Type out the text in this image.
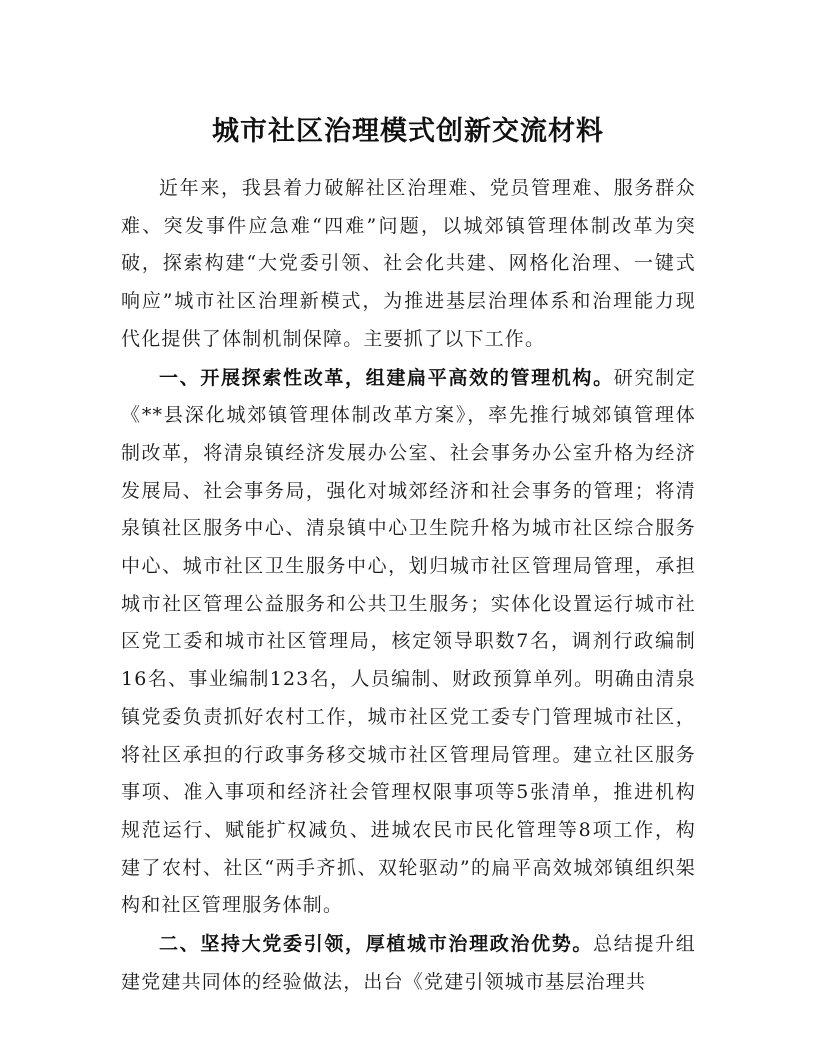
城市社区治理模式创新交流材料

近年来，我县着力破解社区治理难、党员管理难、服务群众难、突发事件应急难“四难”问题，以城郊镇管理体制改革为突破，探索构建“大党委引领、社会化共建、网格化治理、一键式响应”城市社区治理新模式，为推进基层治理体系和治理能力现代化提供了体制机制保障。主要抓了以下工作。

一、开展探索性改革，组建扁平高效的管理机构。研究制定《**县深化城郊镇管理体制改革方案》，率先推行城郊镇管理体制改革，将清泉镇经济发展办公室、社会事务办公室升格为经济发展局、社会事务局，强化对城郊经济和社会事务的管理；将清泉镇社区服务中心、清泉镇中心卫生院升格为城市社区综合服务中心、城市社区卫生服务中心，划归城市社区管理局管理，承担城市社区管理公益服务和公共卫生服务；实体化设置运行城市社区党工委和城市社区管理局，核定领导职数7名，调剂行政编制16名、事业编制123名，人员编制、财政预算单列。明确由清泉镇党委负责抓好农村工作，城市社区党工委专门管理城市社区，将社区承担的行政事务移交城市社区管理局管理。建立社区服务事项、准入事项和经济社会管理权限事项等5张清单，推进机构规范运行、赋能扩权减负、进城农民市民化管理等8项工作，构建了农村、社区“两手齐抓、双轮驱动”的扁平高效城郊镇组织架构和社区管理服务体制。

二、坚持大党委引领，厚植城市治理政治优势。总结提升组建党建共同体的经验做法，出台《党建引领城市基层治理共
